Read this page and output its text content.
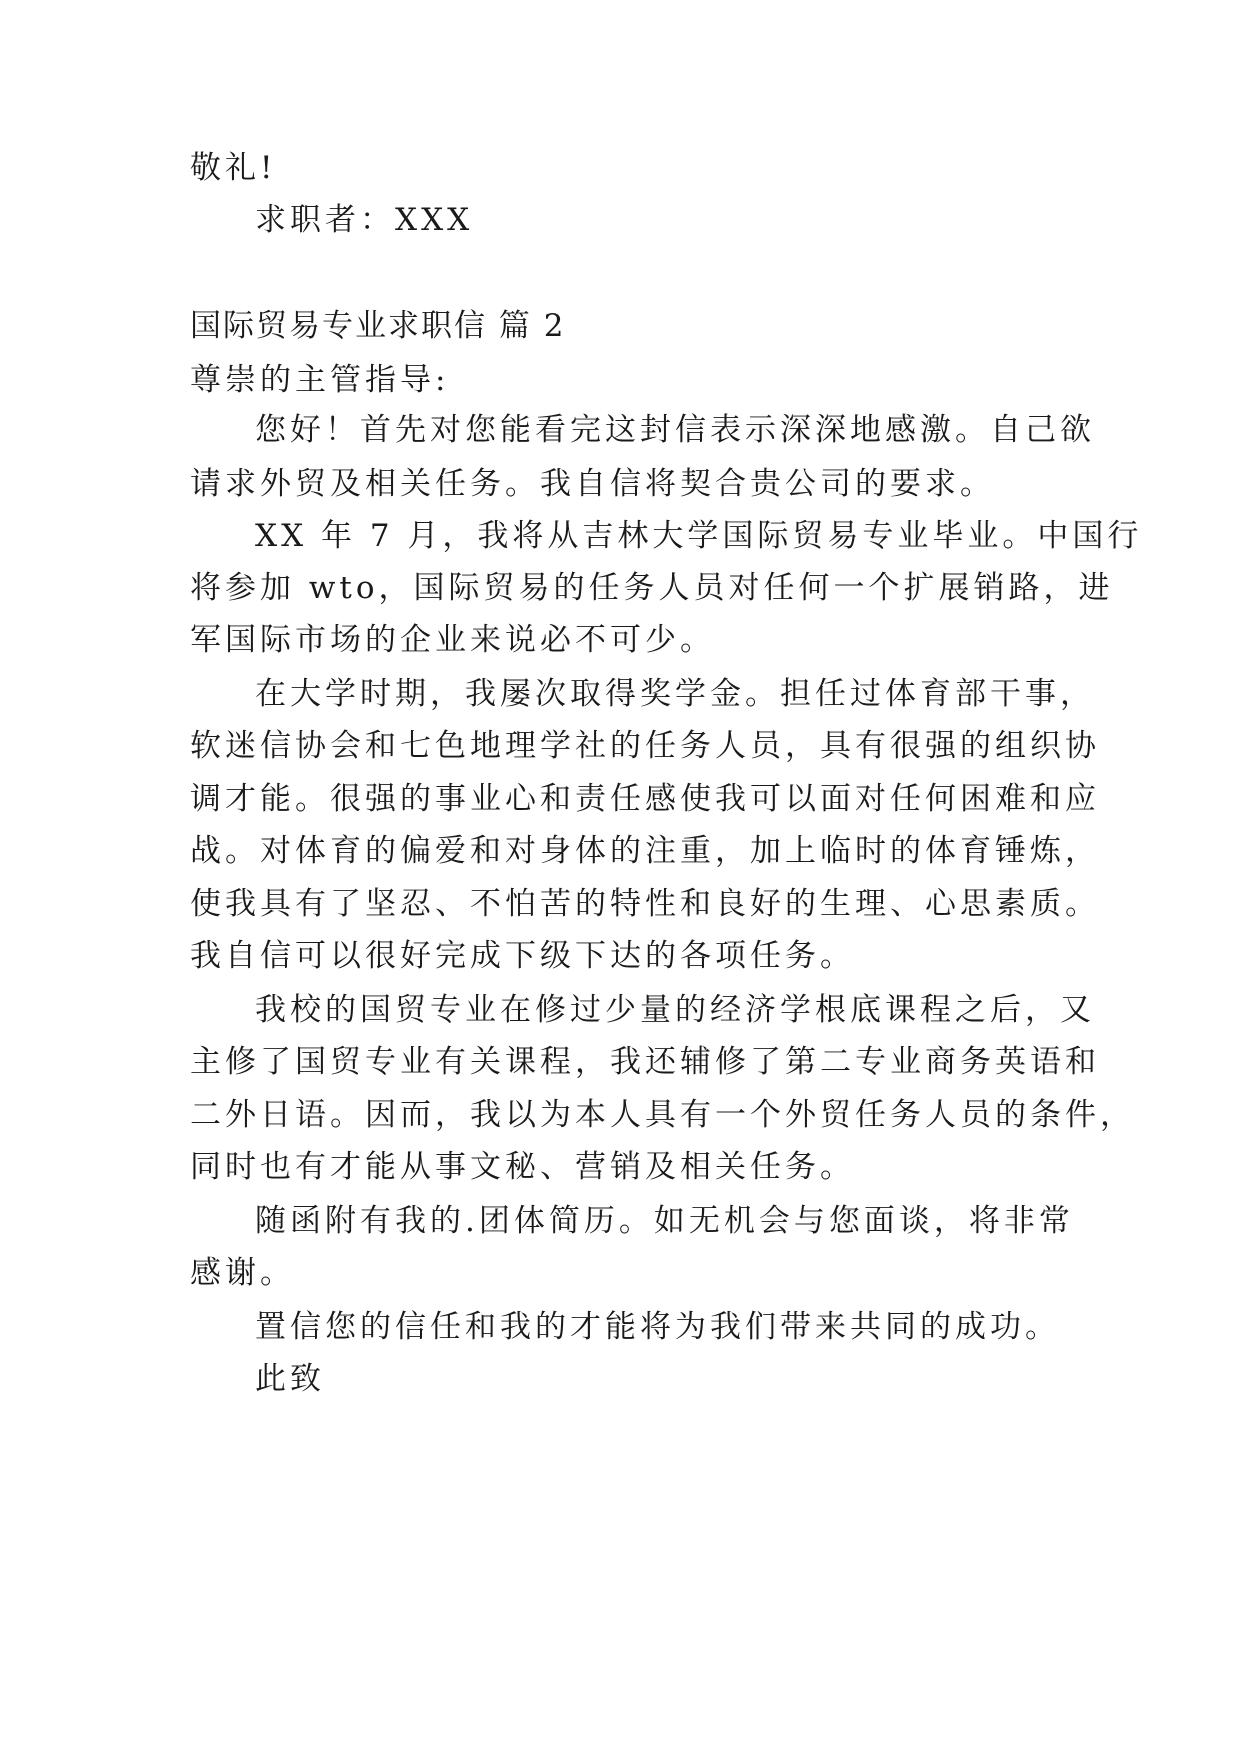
敬礼!
求职者：XXX
国际贸易专业求职信 篇 2
尊崇的主管指导:
您好！首先对您能看完这封信表示深深地感激。自己欲
请求外贸及相关任务。我自信将契合贵公司的要求。
XX 年 7 月，我将从吉林大学国际贸易专业毕业。中国行
将参加 wto，国际贸易的任务人员对任何一个扩展销路，进
军国际市场的企业来说必不可少。
在大学时期，我屡次取得奖学金。担任过体育部干事，
软迷信协会和七色地理学社的任务人员，具有很强的组织协
调才能。很强的事业心和责任感使我可以面对任何困难和应
战。对体育的偏爱和对身体的注重，加上临时的体育锤炼，
使我具有了坚忍、不怕苦的特性和良好的生理、心思素质。
我自信可以很好完成下级下达的各项任务。
我校的国贸专业在修过少量的经济学根底课程之后，又
主修了国贸专业有关课程，我还辅修了第二专业商务英语和
二外日语。因而，我以为本人具有一个外贸任务人员的条件，
同时也有才能从事文秘、营销及相关任务。
随函附有我的.团体简历。如无机会与您面谈，将非常
感谢。
置信您的信任和我的才能将为我们带来共同的成功。
此致
